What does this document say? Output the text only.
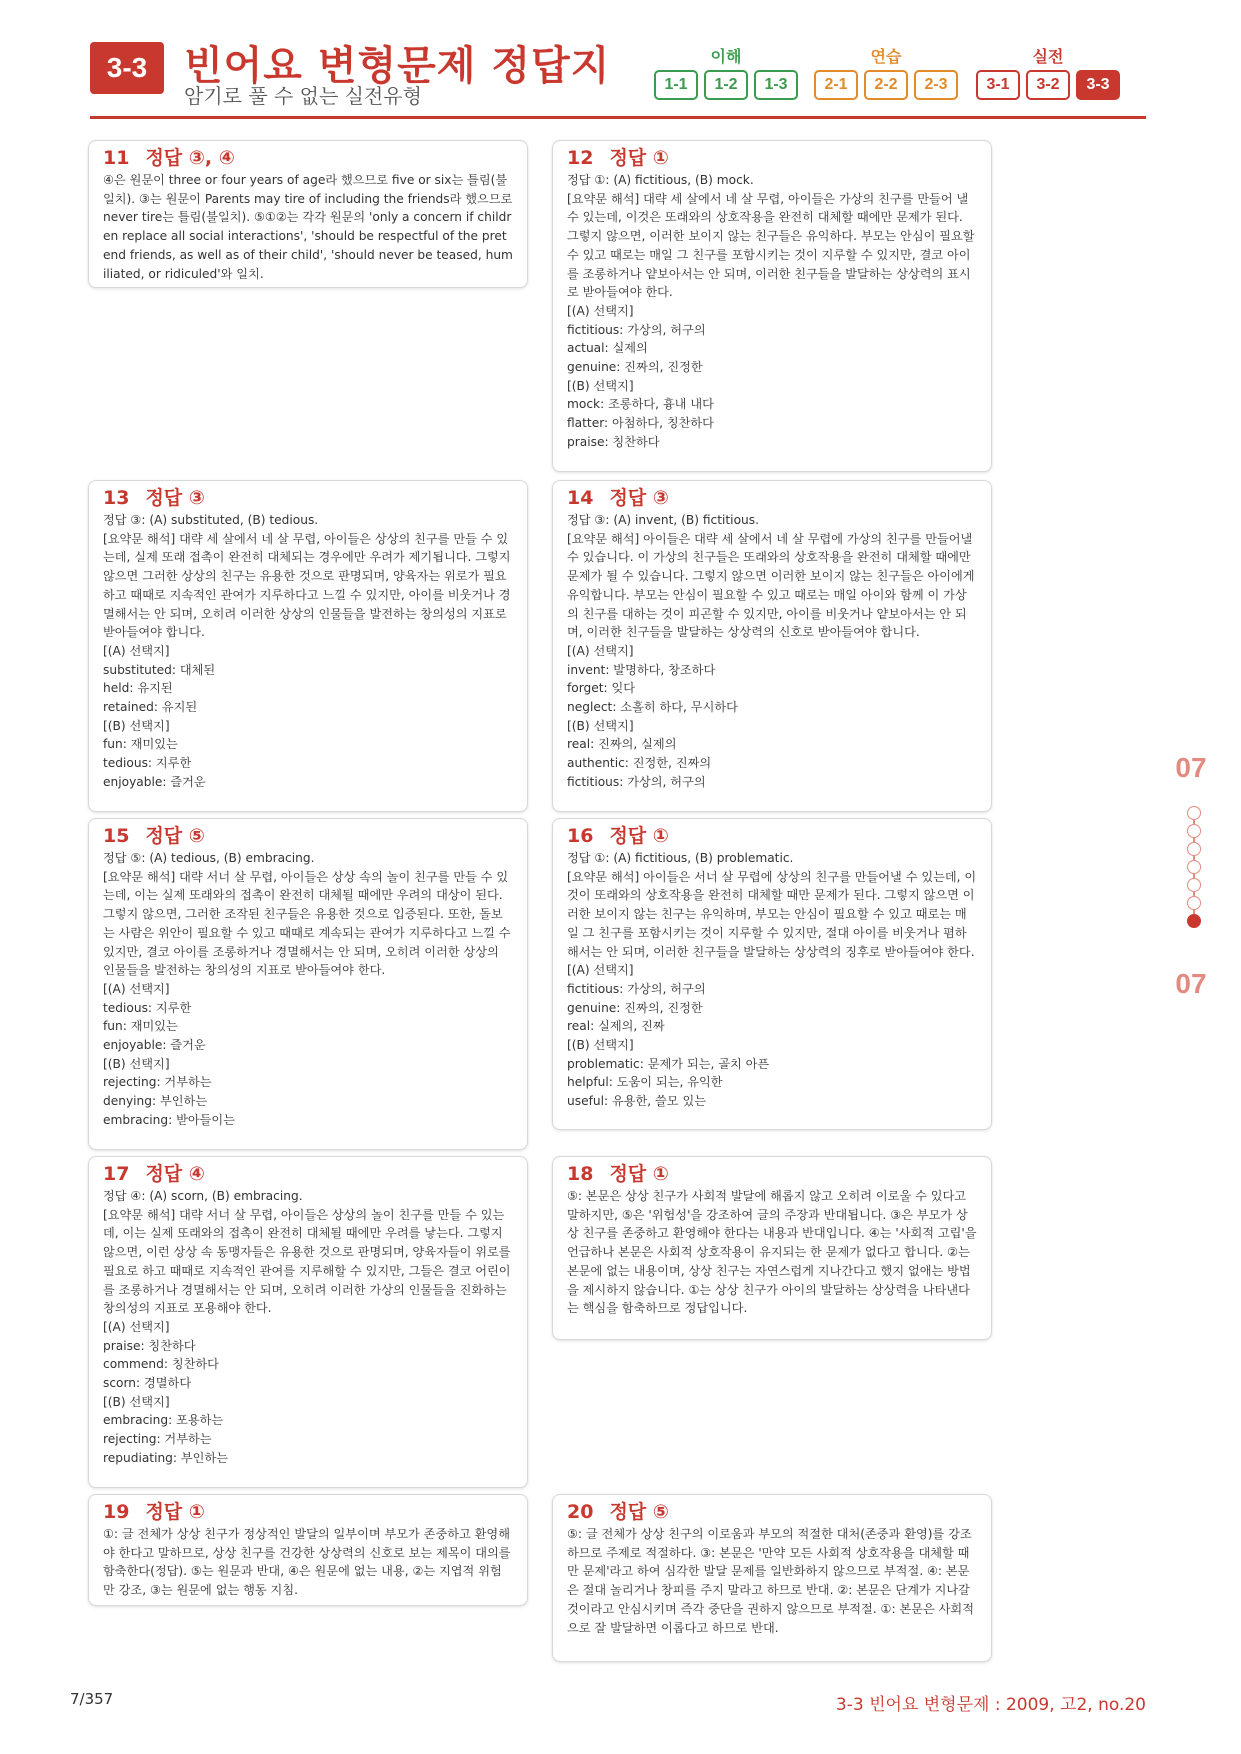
3-3 빈어요 변형문제 정답지
암기로 풀 수 없는 실전유형
이해	연습	실전
1-1	1-2	1-3	2-1	2-2	2-3	3-1	3-2	3-3
11 정답 ③, ④
④은 원문이 three or four years of age라 했으므로 five or six는 틀림(불일치). ③는 원문이 Parents may tire of including the friends라 했으므로 never tire는 틀림(불일치). ⑤①②는 각각 원문의 'only a concern if children replace all social interactions', 'should be respectful of the pretend friends, as well as of their child', 'should never be teased, humiliated, or ridiculed'와 일치.
12 정답 ①
정답 ①: (A) fictitious, (B) mock.
[요약문 해석] 대략 세 살에서 네 살 무렵, 아이들은 가상의 친구를 만들어 낼 수 있는데, 이것은 또래와의 상호작용을 완전히 대체할 때에만 문제가 된다. 그렇지 않으면, 이러한 보이지 않는 친구들은 유익하다. 부모는 안심이 필요할 수 있고 때로는 매일 그 친구를 포함시키는 것이 지루할 수 있지만, 결코 아이를 조롱하거나 얕보아서는 안 되며, 이러한 친구들을 발달하는 상상력의 표시로 받아들여야 한다.
[(A) 선택지]
fictitious: 가상의, 허구의
actual: 실제의
genuine: 진짜의, 진정한
[(B) 선택지]
mock: 조롱하다, 흉내 내다
flatter: 아첨하다, 칭찬하다
praise: 칭찬하다
13 정답 ③
정답 ③: (A) substituted, (B) tedious.
[요약문 해석] 대략 세 살에서 네 살 무렵, 아이들은 상상의 친구를 만들 수 있는데, 실제 또래 접촉이 완전히 대체되는 경우에만 우려가 제기됩니다. 그렇지 않으면 그러한 상상의 친구는 유용한 것으로 판명되며, 양육자는 위로가 필요하고 때때로 지속적인 관여가 지루하다고 느낄 수 있지만, 아이를 비웃거나 경멸해서는 안 되며, 오히려 이러한 상상의 인물들을 발전하는 창의성의 지표로 받아들여야 합니다.
[(A) 선택지]
substituted: 대체된
held: 유지된
retained: 유지된
[(B) 선택지]
fun: 재미있는
tedious: 지루한
enjoyable: 즐거운
14 정답 ③
정답 ③: (A) invent, (B) fictitious.
[요약문 해석] 아이들은 대략 세 살에서 네 살 무렵에 가상의 친구를 만들어낼 수 있습니다. 이 가상의 친구들은 또래와의 상호작용을 완전히 대체할 때에만 문제가 될 수 있습니다. 그렇지 않으면 이러한 보이지 않는 친구들은 아이에게 유익합니다. 부모는 안심이 필요할 수 있고 때로는 매일 아이와 함께 이 가상의 친구를 대하는 것이 피곤할 수 있지만, 아이를 비웃거나 얕보아서는 안 되며, 이러한 친구들을 발달하는 상상력의 신호로 받아들여야 합니다.
[(A) 선택지]
invent: 발명하다, 창조하다
forget: 잊다
neglect: 소홀히 하다, 무시하다
[(B) 선택지]
real: 진짜의, 실제의
authentic: 진정한, 진짜의
fictitious: 가상의, 허구의
15 정답 ⑤
정답 ⑤: (A) tedious, (B) embracing.
[요약문 해석] 대략 서너 살 무렵, 아이들은 상상 속의 놀이 친구를 만들 수 있는데, 이는 실제 또래와의 접촉이 완전히 대체될 때에만 우려의 대상이 된다. 그렇지 않으면, 그러한 조작된 친구들은 유용한 것으로 입증된다. 또한, 돌보는 사람은 위안이 필요할 수 있고 때때로 계속되는 관여가 지루하다고 느낄 수 있지만, 결코 아이를 조롱하거나 경멸해서는 안 되며, 오히려 이러한 상상의 인물들을 발전하는 창의성의 지표로 받아들여야 한다.
[(A) 선택지]
tedious: 지루한
fun: 재미있는
enjoyable: 즐거운
[(B) 선택지]
rejecting: 거부하는
denying: 부인하는
embracing: 받아들이는
16 정답 ①
정답 ①: (A) fictitious, (B) problematic.
[요약문 해석] 아이들은 서너 살 무렵에 상상의 친구를 만들어낼 수 있는데, 이것이 또래와의 상호작용을 완전히 대체할 때만 문제가 된다. 그렇지 않으면 이러한 보이지 않는 친구는 유익하며, 부모는 안심이 필요할 수 있고 때로는 매일 그 친구를 포함시키는 것이 지루할 수 있지만, 절대 아이를 비웃거나 폄하해서는 안 되며, 이러한 친구들을 발달하는 상상력의 징후로 받아들여야 한다.
[(A) 선택지]
fictitious: 가상의, 허구의
genuine: 진짜의, 진정한
real: 실제의, 진짜
[(B) 선택지]
problematic: 문제가 되는, 골치 아픈
helpful: 도움이 되는, 유익한
useful: 유용한, 쓸모 있는
17 정답 ④
정답 ④: (A) scorn, (B) embracing.
[요약문 해석] 대략 서너 살 무렵, 아이들은 상상의 놀이 친구를 만들 수 있는데, 이는 실제 또래와의 접촉이 완전히 대체될 때에만 우려를 낳는다. 그렇지 않으면, 이런 상상 속 동맹자들은 유용한 것으로 판명되며, 양육자들이 위로를 필요로 하고 때때로 지속적인 관여를 지루해할 수 있지만, 그들은 결코 어린이를 조롱하거나 경멸해서는 안 되며, 오히려 이러한 가상의 인물들을 진화하는 창의성의 지표로 포용해야 한다.
[(A) 선택지]
praise: 칭찬하다
commend: 칭찬하다
scorn: 경멸하다
[(B) 선택지]
embracing: 포용하는
rejecting: 거부하는
repudiating: 부인하는
18 정답 ①
⑤: 본문은 상상 친구가 사회적 발달에 해롭지 않고 오히려 이로울 수 있다고 말하지만, ⑤은 '위험성'을 강조하여 글의 주장과 반대됩니다. ③은 부모가 상상 친구를 존중하고 환영해야 한다는 내용과 반대입니다. ④는 '사회적 고립'을 언급하나 본문은 사회적 상호작용이 유지되는 한 문제가 없다고 합니다. ②는 본문에 없는 내용이며, 상상 친구는 자연스럽게 지나간다고 했지 없애는 방법을 제시하지 않습니다. ①는 상상 친구가 아이의 발달하는 상상력을 나타낸다는 핵심을 함축하므로 정답입니다.
19 정답 ①
①: 글 전체가 상상 친구가 정상적인 발달의 일부이며 부모가 존중하고 환영해야 한다고 말하므로, 상상 친구를 건강한 상상력의 신호로 보는 제목이 대의를 함축한다(정답). ⑤는 원문과 반대, ④은 원문에 없는 내용, ②는 지엽적 위험만 강조, ③는 원문에 없는 행동 지침.
20 정답 ⑤
⑤: 글 전체가 상상 친구의 이로움과 부모의 적절한 대처(존중과 환영)를 강조하므로 주제로 적절하다. ③: 본문은 '만약 모든 사회적 상호작용을 대체할 때만 문제'라고 하여 심각한 발달 문제를 일반화하지 않으므로 부적절. ④: 본문은 절대 놀리거나 창피를 주지 말라고 하므로 반대. ②: 본문은 단계가 지나갈 것이라고 안심시키며 즉각 중단을 권하지 않으므로 부적절. ①: 본문은 사회적으로 잘 발달하면 이롭다고 하므로 반대.
07
07
7/357	3-3 빈어요 변형문제 : 2009, 고2, no.20
